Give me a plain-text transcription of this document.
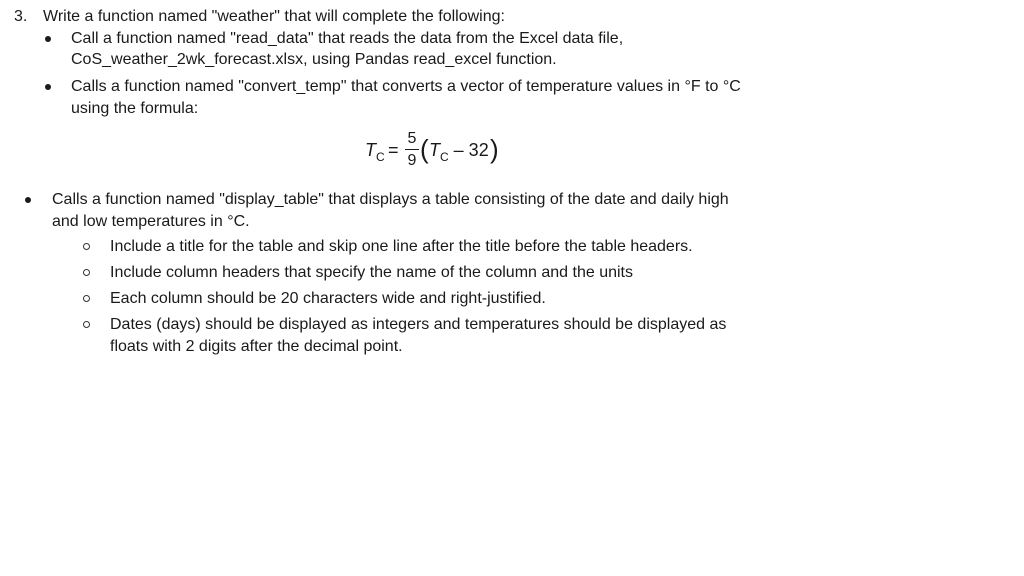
3. Write a function named "weather" that will complete the following:
Call a function named "read_data" that reads the data from the Excel data file,
CoS_weather_2wk_forecast.xlsx, using Pandas read_excel function.
Calls a function named "convert_temp" that converts a vector of temperature values in °F to °C
using the formula:
$T_C$ =
5
9 ( $T_C - 32$ )
Calls a function named "display_table" that displays a table consisting of the date and daily high
and low temperatures in °C.
Include a title for the table and skip one line after the title before the table headers.
Include column headers that specify the name of the column and the units
Each column should be 20 characters wide and right-justified.
Dates (days) should be displayed as integers and temperatures should be displayed as
floats with 2 digits after the decimal point.
